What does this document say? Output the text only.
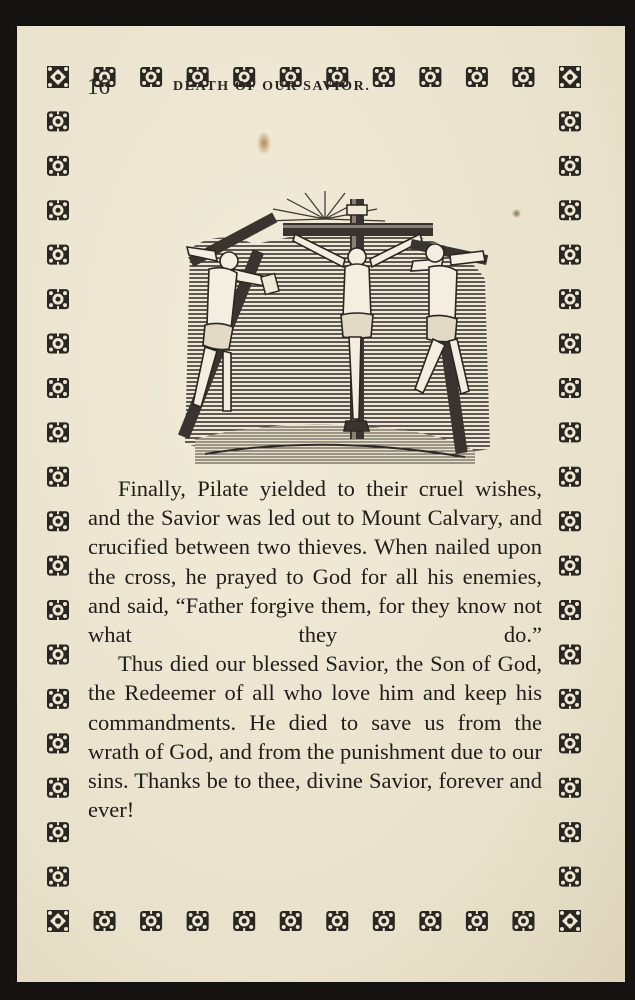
16	DEATH OF OUR SAVIOR.

Finally, Pilate yielded to their cruel wishes, and the Savior was led out to Mount Calvary, and crucified between two thieves. When nailed upon the cross, he prayed to God for all his enemies, and said, “Father forgive them, for they know not what they do.”

Thus died our blessed Savior, the Son of God, the Redeemer of all who love him and keep his commandments. He died to save us from the wrath of God, and from the punishment due to our sins. Thanks be to thee, divine Savior, forever and ever!
